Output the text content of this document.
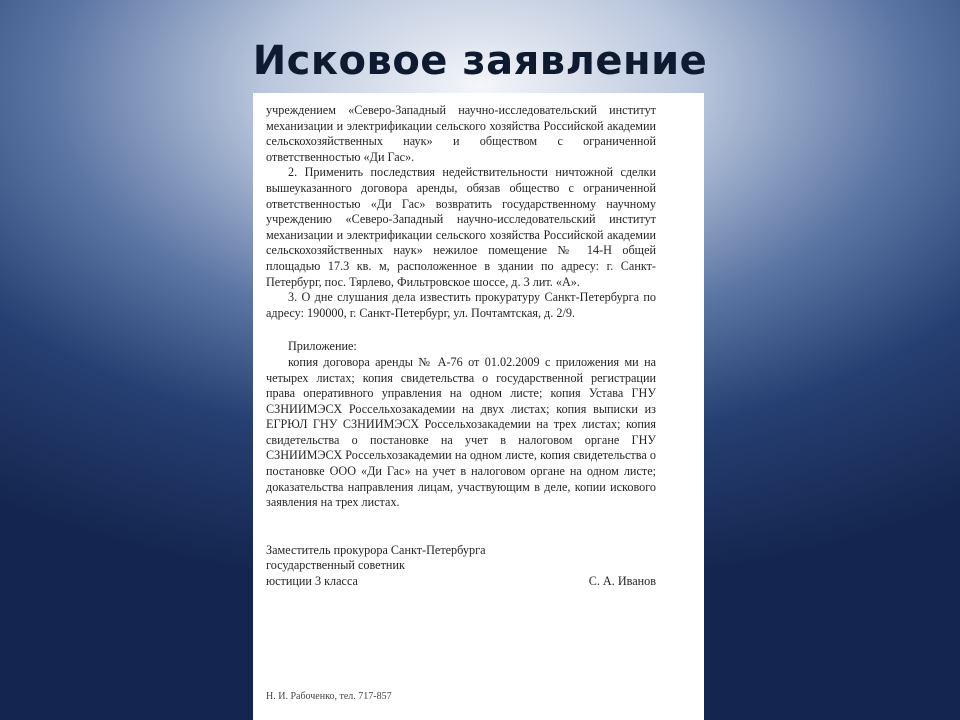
Исковое заявление

учреждением «Северо-Западный научно-исследовательский институт механизации и электрификации сельского хозяйства Российской академии сельскохозяйственных наук» и обществом с ограниченной ответственностью «Ди Гас».

2. Применить последствия недействительности ничтожной сделки вышеуказанного договора аренды, обязав общество с ограниченной ответственностью «Ди Гас» возвратить государственному научному учреждению «Северо-Западный научно-исследовательский институт механизации и электрификации сельского хозяйства Российской академии сельскохозяйственных наук» нежилое помещение № 14-Н общей площадью 17.3 кв. м, расположенное в здании по адресу: г. Санкт-Петербург, пос. Тярлево, Фильтровское шоссе, д. 3 лит. «А».

3. О дне слушания дела известить прокуратуру Санкт-Петербурга по адресу: 190000, г. Санкт-Петербург, ул. Почтамтская, д. 2/9.

Приложение:

копия договора аренды № А-76 от 01.02.2009 с приложения ми на четырех листах; копия свидетельства о государственной регистрации права оперативного управления на одном листе; копия Устава ГНУ СЗНИИМЭСХ Россельхозакадемии на двух листах; копия выписки из ЕГРЮЛ ГНУ СЗНИИМЭСХ Россельхозакадемии на трех листах; копия свидетельства о постановке на учет в налоговом органе ГНУ СЗНИИМЭСХ Россельхозакадемии на одном листе, копия свидетельства о постановке ООО «Ди Гас» на учет в налоговом органе на одном листе; доказательства направления лицам, участвующим в деле, копии искового заявления на трех листах.

Заместитель прокурора Санкт-Петербурга

государственный советник

юстиции 3 класса	С. А. Иванов
Н. И. Рабоченко, тел. 717-857
